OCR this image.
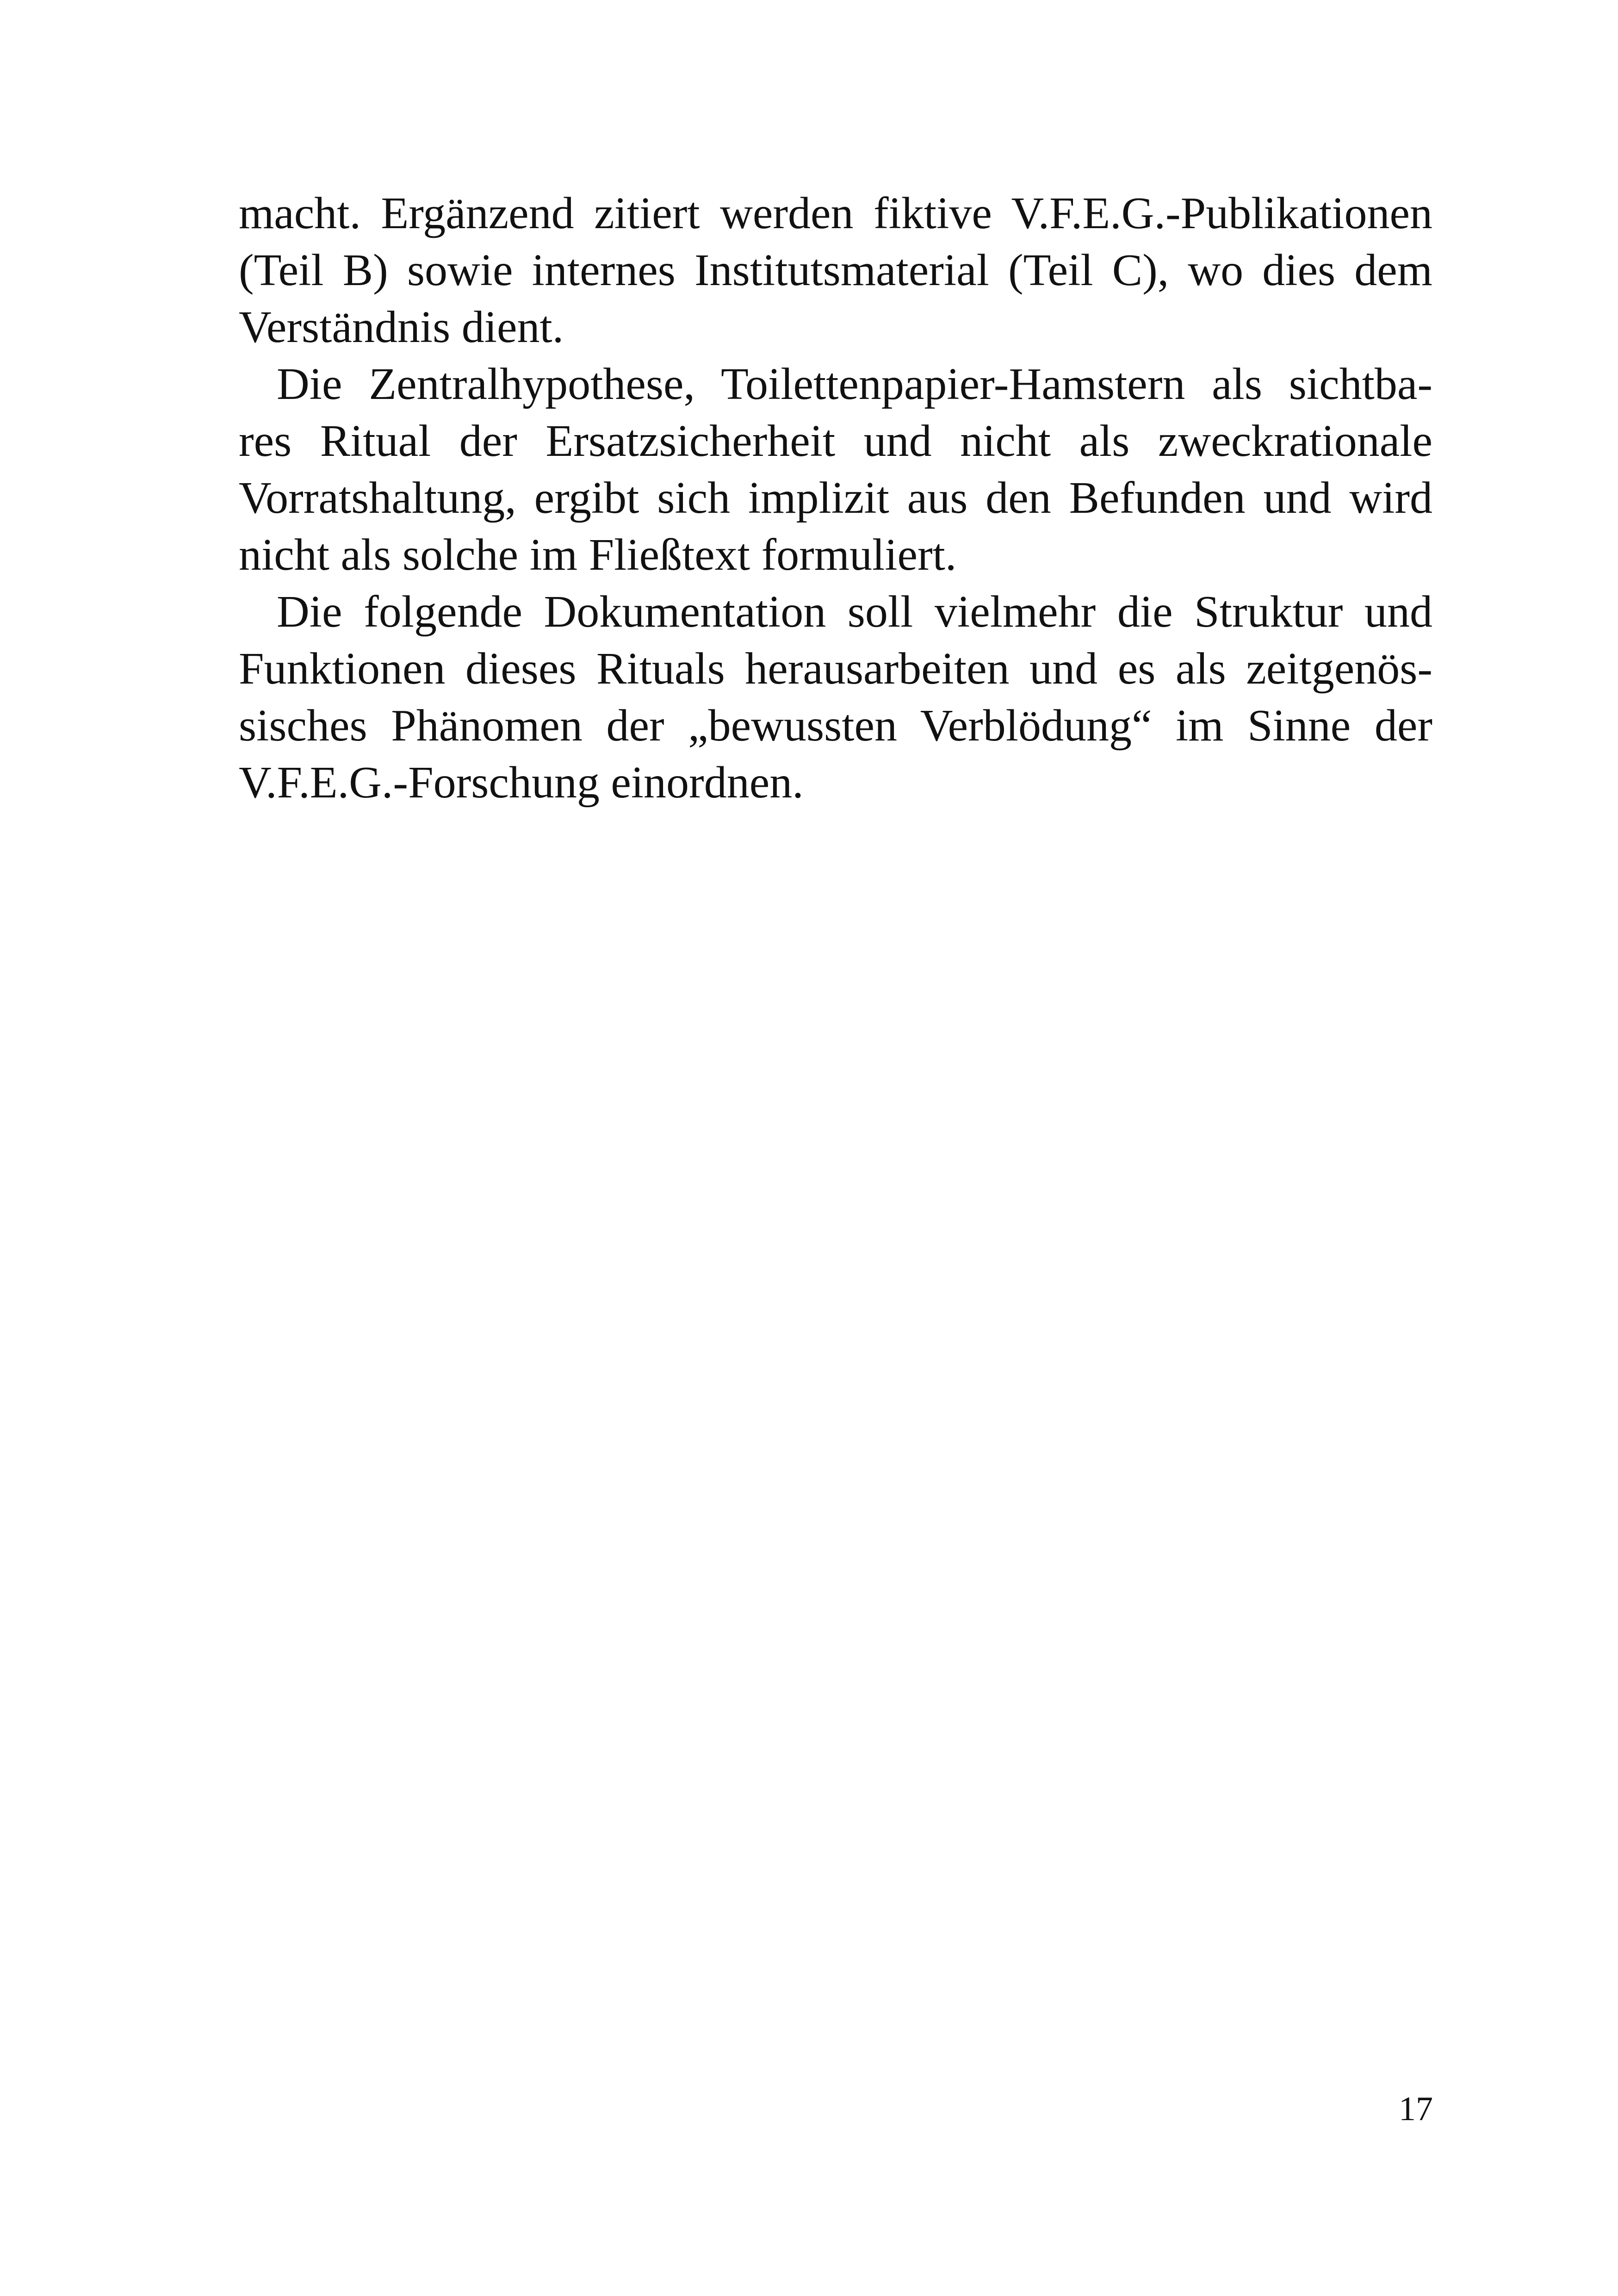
macht. Ergänzend zitiert werden fiktive V.F.E.G.-Publikationen
(Teil B) sowie internes Institutsmaterial (Teil C), wo dies dem
Verständnis dient.
Die Zentralhypothese, Toilettenpapier-Hamstern als sichtba-
res Ritual der Ersatzsicherheit und nicht als zweckrationale
Vorratshaltung, ergibt sich implizit aus den Befunden und wird
nicht als solche im Fließtext formuliert.
Die folgende Dokumentation soll vielmehr die Struktur und
Funktionen dieses Rituals herausarbeiten und es als zeitgenös-
sisches Phänomen der „bewussten Verblödung“ im Sinne der
V.F.E.G.-Forschung einordnen.
17
